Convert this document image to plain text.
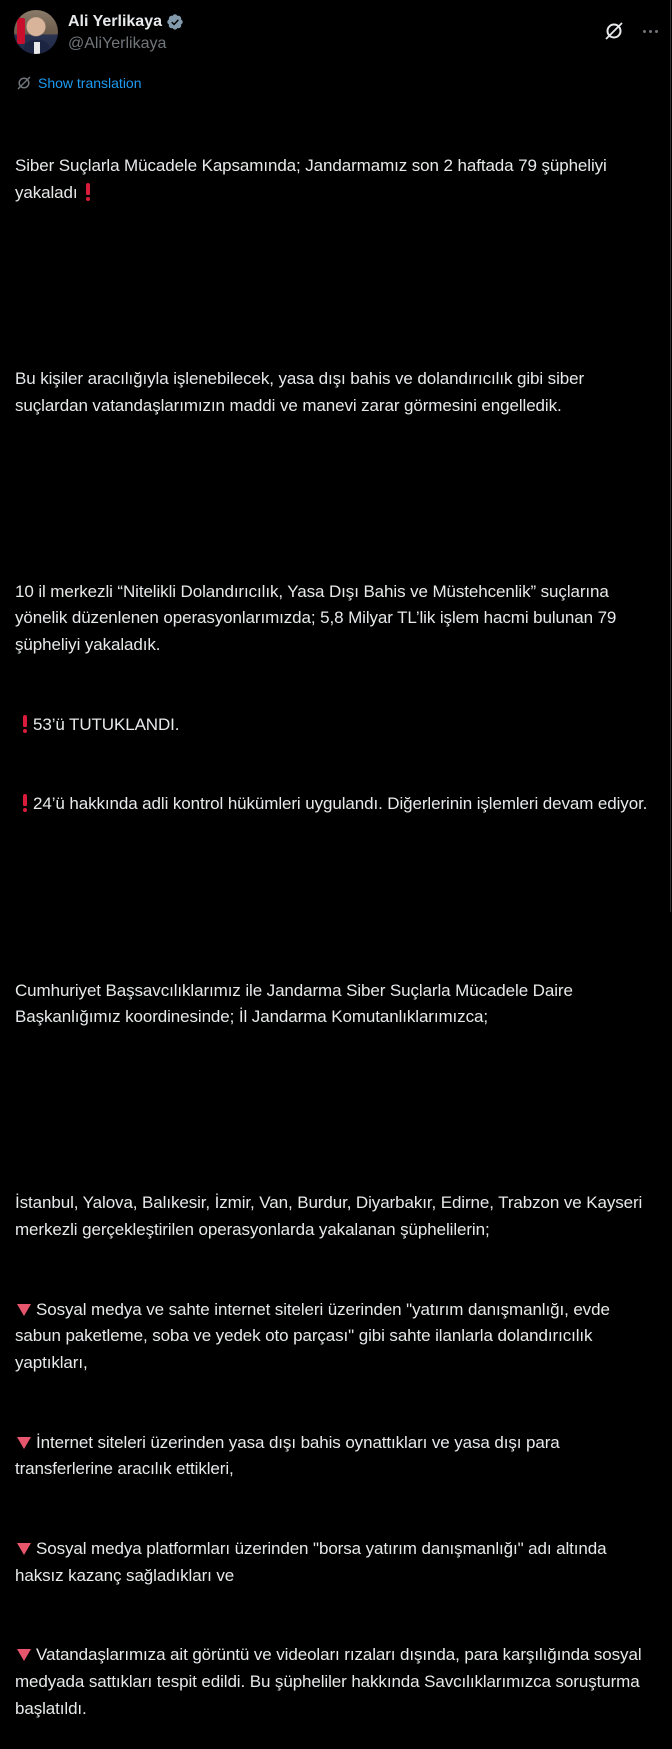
Ali Yerlikaya
@AliYerlikaya
Show translation

Siber Suçlarla Mücadele Kapsamında; Jandarmamız son 2 haftada 79 şüpheliyi yakaladı

Bu kişiler aracılığıyla işlenebilecek, yasa dışı bahis ve dolandırıcılık gibi siber suçlardan vatandaşlarımızın maddi ve manevi zarar görmesini engelledik.

10 il merkezli “Nitelikli Dolandırıcılık, Yasa Dışı Bahis ve Müstehcenlik” suçlarına yönelik düzenlenen operasyonlarımızda; 5,8 Milyar TL’lik işlem hacmi bulunan 79 şüpheliyi yakaladık.

53’ü TUTUKLANDI.

24’ü hakkında adli kontrol hükümleri uygulandı. Diğerlerinin işlemleri devam ediyor.

Cumhuriyet Başsavcılıklarımız ile Jandarma Siber Suçlarla Mücadele Daire Başkanlığımız koordinesinde; İl Jandarma Komutanlıklarımızca;

İstanbul, Yalova, Balıkesir, İzmir, Van, Burdur, Diyarbakır, Edirne, Trabzon ve Kayseri merkezli gerçekleştirilen operasyonlarda yakalanan şüphelilerin;

Sosyal medya ve sahte internet siteleri üzerinden "yatırım danışmanlığı, evde sabun paketleme, soba ve yedek oto parçası" gibi sahte ilanlarla dolandırıcılık yaptıkları,

İnternet siteleri üzerinden yasa dışı bahis oynattıkları ve yasa dışı para transferlerine aracılık ettikleri,

Sosyal medya platformları üzerinden "borsa yatırım danışmanlığı" adı altında haksız kazanç sağladıkları ve

Vatandaşlarımıza ait görüntü ve videoları rızaları dışında, para karşılığında sosyal medyada sattıkları tespit edildi. Bu şüpheliler hakkında Savcılıklarımızca soruşturma başlatıldı.
